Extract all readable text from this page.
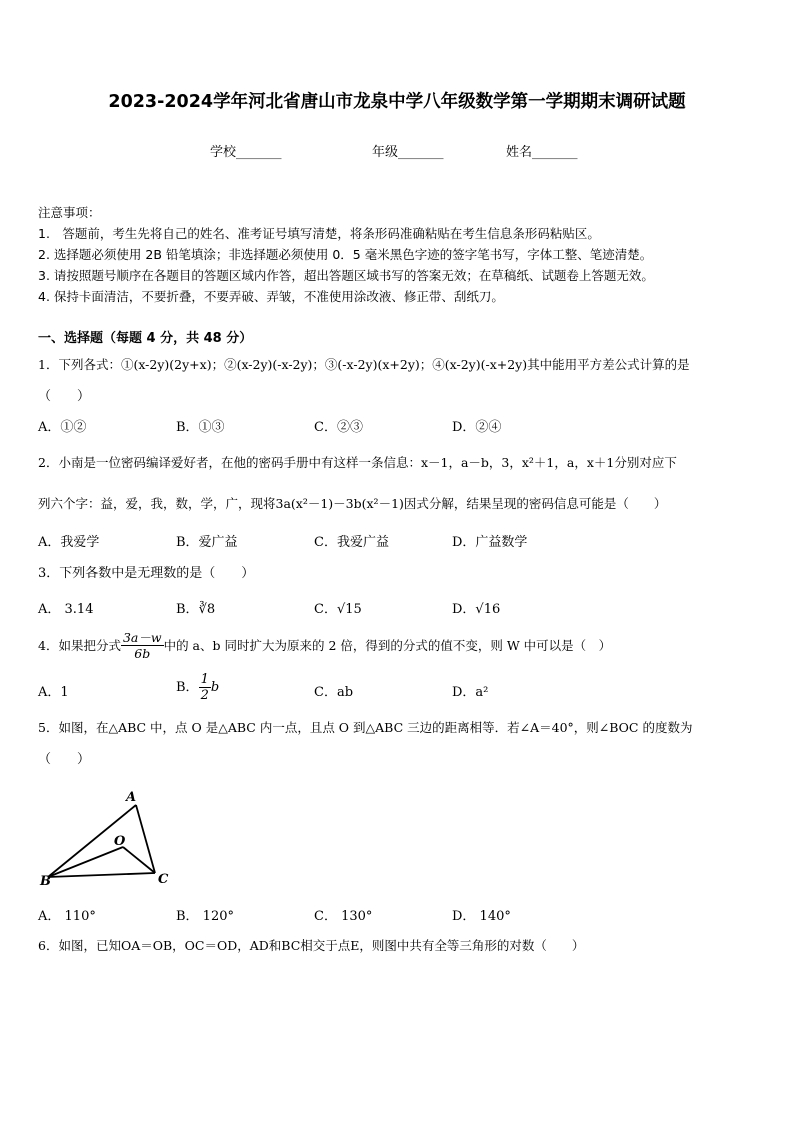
2023-2024学年河北省唐山市龙泉中学八年级数学第一学期期末调研试题
学校_______	年级_______	姓名_______
注意事项：
1.　答题前，考生先将自己的姓名、准考证号填写清楚，将条形码准确粘贴在考生信息条形码粘贴区。
2. 选择题必须使用 2B 铅笔填涂；非选择题必须使用 0．5 毫米黑色字迹的签字笔书写，字体工整、笔迹清楚。
3. 请按照题号顺序在各题目的答题区域内作答，超出答题区域书写的答案无效；在草稿纸、试题卷上答题无效。
4. 保持卡面清洁，不要折叠，不要弄破、弄皱，不准使用涂改液、修正带、刮纸刀。
一、选择题（每题 4 分，共 48 分）
1．下列各式：①(x-2y)(2y+x)；②(x-2y)(-x-2y)；③(-x-2y)(x+2y)；④(x-2y)(-x+2y)其中能用平方差公式计算的是
（　　）
A．①②	B．①③	C．②③	D．②④
2．小南是一位密码编译爱好者，在他的密码手册中有这样一条信息：x－1，a－b，3，x²＋1，a，x＋1分别对应下
列六个字：益，爱，我，数，学，广，现将3a(x²－1)－3b(x²－1)因式分解，结果呈现的密码信息可能是（　　）
A．我爱学	B．爱广益	C．我爱广益	D．广益数学
3．下列各数中是无理数的是（　　）
A． 3.14	B．∛8	C．√15	D．√16
4．如果把分式 $\frac{3a-w}{6b}$ 中的 a、b 同时扩大为原来的 2 倍，得到的分式的值不变，则 W 中可以是（　）
A．1	B． $\frac{1}{2}$ b	C．ab	D．a²
5．如图，在△ABC 中，点 O 是△ABC 内一点，且点 O 到△ABC 三边的距离相等．若∠A＝40°，则∠BOC 的度数为
（　　）
A
O
B	C
A． 110°	B． 120°	C． 130°	D． 140°
6．如图，已知OA＝OB，OC＝OD，AD和BC相交于点E，则图中共有全等三角形的对数（　　）
